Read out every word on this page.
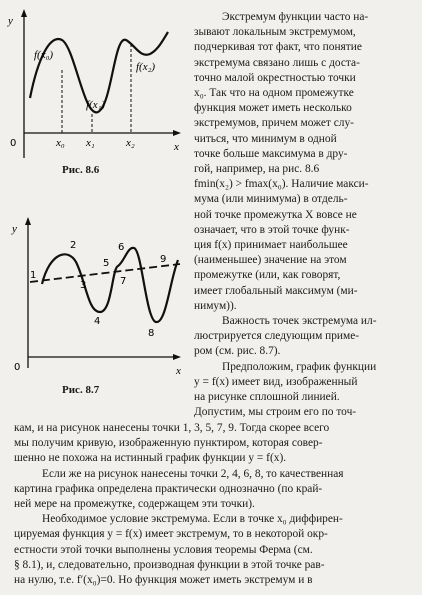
y
x
0	x₀ x₁	x₂
f(x₀)
f(x₁)
f(x₂)
Рис. 8.6
y
x
0
1
2
3
4
5
6
7
8
9
Рис. 8.7
Экстремум функции часто на-
зывают локальным экстремумом,
подчеркивая тот факт, что понятие
экстремума связано лишь с доста-
точно малой окрестностью точки
x₀. Так что на одном промежутке
функция может иметь несколько
экстремумов, причем может слу-
читься, что минимум в одной
точке больше максимума в дру-
гой, например, на рис. 8.6
fmin(x₂) > fmax(x₀). Наличие макси-
мума (или минимума) в отдель-
ной точке промежутка X вовсе не
означает, что в этой точке функ-
ция f(x) принимает наибольшее
(наименьшее) значение на этом
промежутке (или, как говорят,
имеет глобальный максимум (ми-
нимум)).
Важность точек экстремума ил-
люстрируется следующим приме-
ром (см. рис. 8.7).
Предположим, график функции
y = f(x) имеет вид, изображенный
на рисунке сплошной линией.
Допустим, мы строим его по точ-
кам, и на рисунок нанесены точки 1, 3, 5, 7, 9. Тогда скорее всего
мы получим кривую, изображенную пунктиром, которая совер-
шенно не похожа на истинный график функции y = f(x).
Если же на рисунок нанесены точки 2, 4, 6, 8, то качественная
картина графика определена практически однозначно (по край-
ней мере на промежутке, содержащем эти точки).
Необходимое условие экстремума. Если в точке x₀ диффирен-
цируемая функция y = f(x) имеет экстремум, то в некоторой окр-
естности этой точки выполнены условия теоремы Ферма (см.
§ 8.1), и, следовательно, производная функции в этой точке рав-
на нулю, т.е. f′(x₀)=0. Но функция может иметь экстремум и в
